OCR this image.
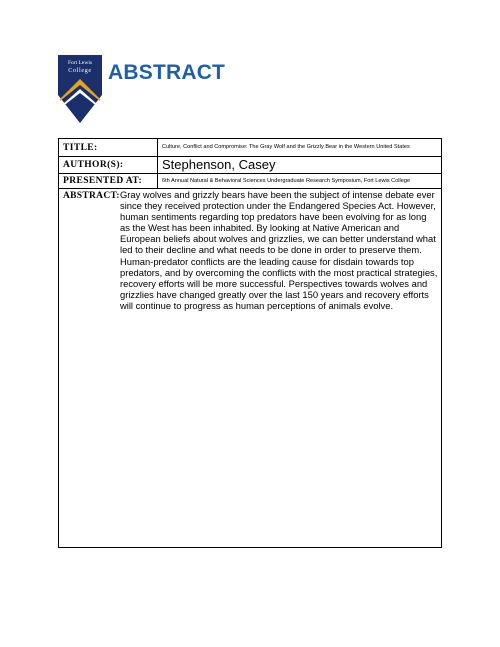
Fort Lewis
College ABSTRACT
TITLE:	Culture, Conflict and Compromise: The Gray Wolf and the Grizzly Bear in the Western United States
AUTHOR(S):	Stephenson, Casey
PRESENTED AT:	6th Annual Natural & Behavioral Sciences Undergraduate Research Symposium, Fort Lewis College
ABSTRACT: Gray wolves and grizzly bears have been the subject of intense debate ever since they received protection under the Endangered Species Act. However, human sentiments regarding top predators have been evolving for as long as the West has been inhabited. By looking at Native American and European beliefs about wolves and grizzlies, we can better understand what led to their decline and what needs to be done in order to preserve them. Human-predator conflicts are the leading cause for disdain towards top predators, and by overcoming the conflicts with the most practical strategies, recovery efforts will be more successful. Perspectives towards wolves and grizzlies have changed greatly over the last 150 years and recovery efforts will continue to progress as human perceptions of animals evolve.
